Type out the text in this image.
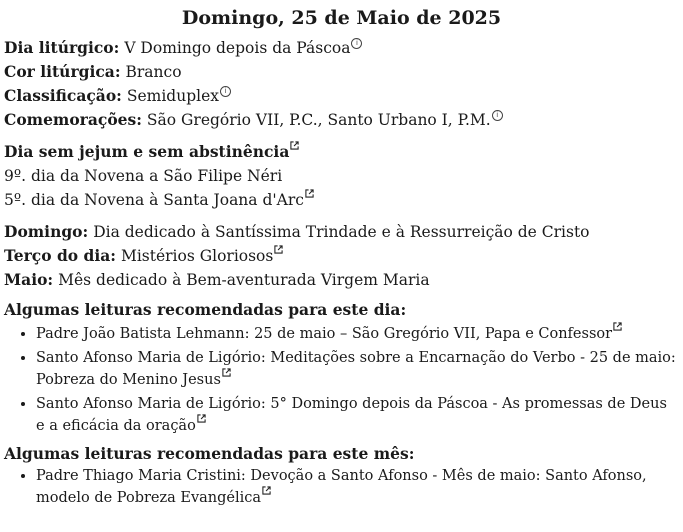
Domingo, 25 de Maio de 2025
Dia litúrgico: V Domingo depois da Páscoa i
Cor litúrgica: Branco
Classificação: Semiduplex i
Comemorações: São Gregório VII, P.C., Santo Urbano I, P.M. i
Dia sem jejum e sem abstinência
9º. dia da Novena a São Filipe Néri
5º. dia da Novena à Santa Joana d'Arc
Domingo: Dia dedicado à Santíssima Trindade e à Ressurreição de Cristo
Terço do dia: Mistérios Gloriosos
Maio: Mês dedicado à Bem-aventurada Virgem Maria
Algumas leituras recomendadas para este dia:
• Padre João Batista Lehmann: 25 de maio – São Gregório VII, Papa e Confessor
• Santo Afonso Maria de Ligório: Meditações sobre a Encarnação do Verbo - 25 de maio: Pobreza do Menino Jesus
• Santo Afonso Maria de Ligório: 5° Domingo depois da Páscoa - As promessas de Deus e a eficácia da oração
Algumas leituras recomendadas para este mês:
• Padre Thiago Maria Cristini: Devoção a Santo Afonso - Mês de maio: Santo Afonso, modelo de Pobreza Evangélica
